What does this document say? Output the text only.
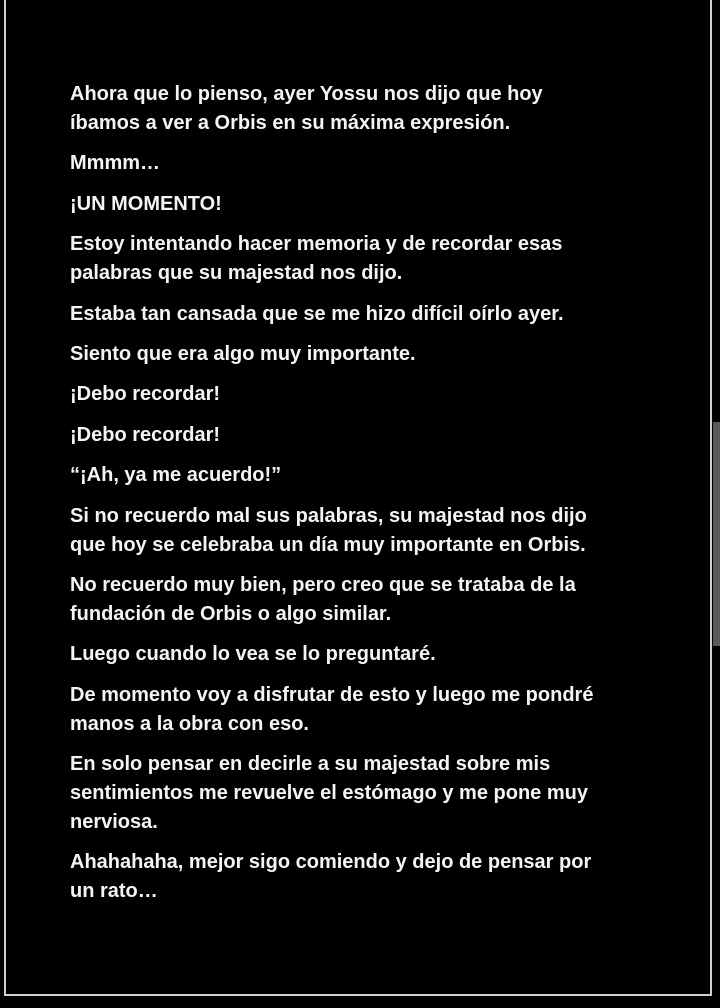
Ahora que lo pienso, ayer Yossu nos dijo que hoy
íbamos a ver a Orbis en su máxima expresión.

Mmmm…

¡UN MOMENTO!

Estoy intentando hacer memoria y de recordar esas
palabras que su majestad nos dijo.

Estaba tan cansada que se me hizo difícil oírlo ayer.

Siento que era algo muy importante.

¡Debo recordar!

¡Debo recordar!

“¡Ah, ya me acuerdo!”

Si no recuerdo mal sus palabras, su majestad nos dijo
que hoy se celebraba un día muy importante en Orbis.

No recuerdo muy bien, pero creo que se trataba de la
fundación de Orbis o algo similar.

Luego cuando lo vea se lo preguntaré.

De momento voy a disfrutar de esto y luego me pondré
manos a la obra con eso.

En solo pensar en decirle a su majestad sobre mis
sentimientos me revuelve el estómago y me pone muy
nerviosa.

Ahahahaha, mejor sigo comiendo y dejo de pensar por
un rato…
